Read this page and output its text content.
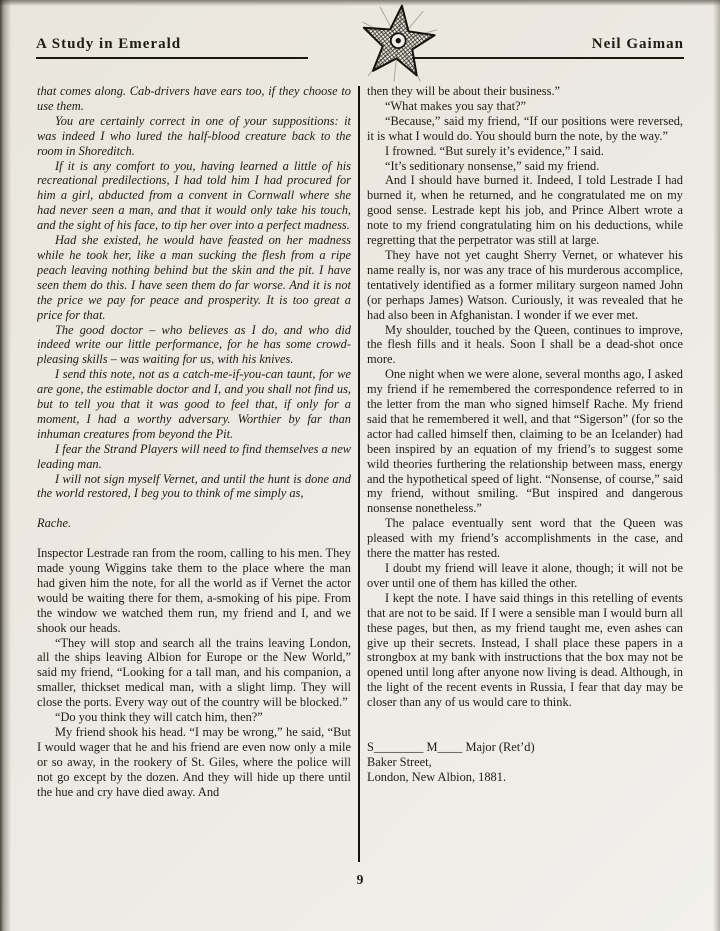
A Study in Emerald	Neil Gaiman

that comes along. Cab-drivers have ears too, if they choose to use them.

You are certainly correct in one of your suppositions: it was indeed I who lured the half-blood creature back to the room in Shoreditch.

If it is any comfort to you, having learned a little of his recreational predilections, I had told him I had procured for him a girl, abducted from a convent in Cornwall where she had never seen a man, and that it would only take his touch, and the sight of his face, to tip her over into a perfect madness.

Had she existed, he would have feasted on her madness while he took her, like a man sucking the flesh from a ripe peach leaving nothing behind but the skin and the pit. I have seen them do this. I have seen them do far worse. And it is not the price we pay for peace and prosperity. It is too great a price for that.

The good doctor – who believes as I do, and who did indeed write our little performance, for he has some crowd-pleasing skills – was waiting for us, with his knives.

I send this note, not as a catch-me-if-you-can taunt, for we are gone, the estimable doctor and I, and you shall not find us, but to tell you that it was good to feel that, if only for a moment, I had a worthy adversary. Worthier by far than inhuman creatures from beyond the Pit.

I fear the Strand Players will need to find themselves a new leading man.

I will not sign myself Vernet, and until the hunt is done and the world restored, I beg you to think of me simply as,

Rache.

Inspector Lestrade ran from the room, calling to his men. They made young Wiggins take them to the place where the man had given him the note, for all the world as if Vernet the actor would be waiting there for them, a-smoking of his pipe. From the window we watched them run, my friend and I, and we shook our heads.

“They will stop and search all the trains leaving London, all the ships leaving Albion for Europe or the New World,” said my friend, “Looking for a tall man, and his companion, a smaller, thickset medical man, with a slight limp. They will close the ports. Every way out of the country will be blocked.”

“Do you think they will catch him, then?”

My friend shook his head. “I may be wrong,” he said, “But I would wager that he and his friend are even now only a mile or so away, in the rookery of St. Giles, where the police will not go except by the dozen. And they will hide up there until the hue and cry have died away. And

then they will be about their business.”

“What makes you say that?”

“Because,” said my friend, “If our positions were reversed, it is what I would do. You should burn the note, by the way.”

I frowned. “But surely it’s evidence,” I said.

“It’s seditionary nonsense,” said my friend.

And I should have burned it. Indeed, I told Lestrade I had burned it, when he returned, and he congratulated me on my good sense. Lestrade kept his job, and Prince Albert wrote a note to my friend congratulating him on his deductions, while regretting that the perpetrator was still at large.

They have not yet caught Sherry Vernet, or whatever his name really is, nor was any trace of his murderous accomplice, tentatively identified as a former military surgeon named John (or perhaps James) Watson. Curiously, it was revealed that he had also been in Afghanistan. I wonder if we ever met.

My shoulder, touched by the Queen, continues to improve, the flesh fills and it heals. Soon I shall be a dead-shot once more.

One night when we were alone, several months ago, I asked my friend if he remembered the correspondence referred to in the letter from the man who signed himself Rache. My friend said that he remembered it well, and that “Sigerson” (for so the actor had called himself then, claiming to be an Icelander) had been inspired by an equation of my friend’s to suggest some wild theories furthering the relationship between mass, energy and the hypothetical speed of light. “Nonsense, of course,” said my friend, without smiling. “But inspired and dangerous nonsense nonetheless.”

The palace eventually sent word that the Queen was pleased with my friend’s accomplishments in the case, and there the matter has rested.

I doubt my friend will leave it alone, though; it will not be over until one of them has killed the other.

I kept the note. I have said things in this retelling of events that are not to be said. If I were a sensible man I would burn all these pages, but then, as my friend taught me, even ashes can give up their secrets. Instead, I shall place these papers in a strongbox at my bank with instructions that the box may not be opened until long after anyone now living is dead. Although, in the light of the recent events in Russia, I fear that day may be closer than any of us would care to think.

S________ M____ Major (Ret’d)

Baker Street,

London, New Albion, 1881.

9
